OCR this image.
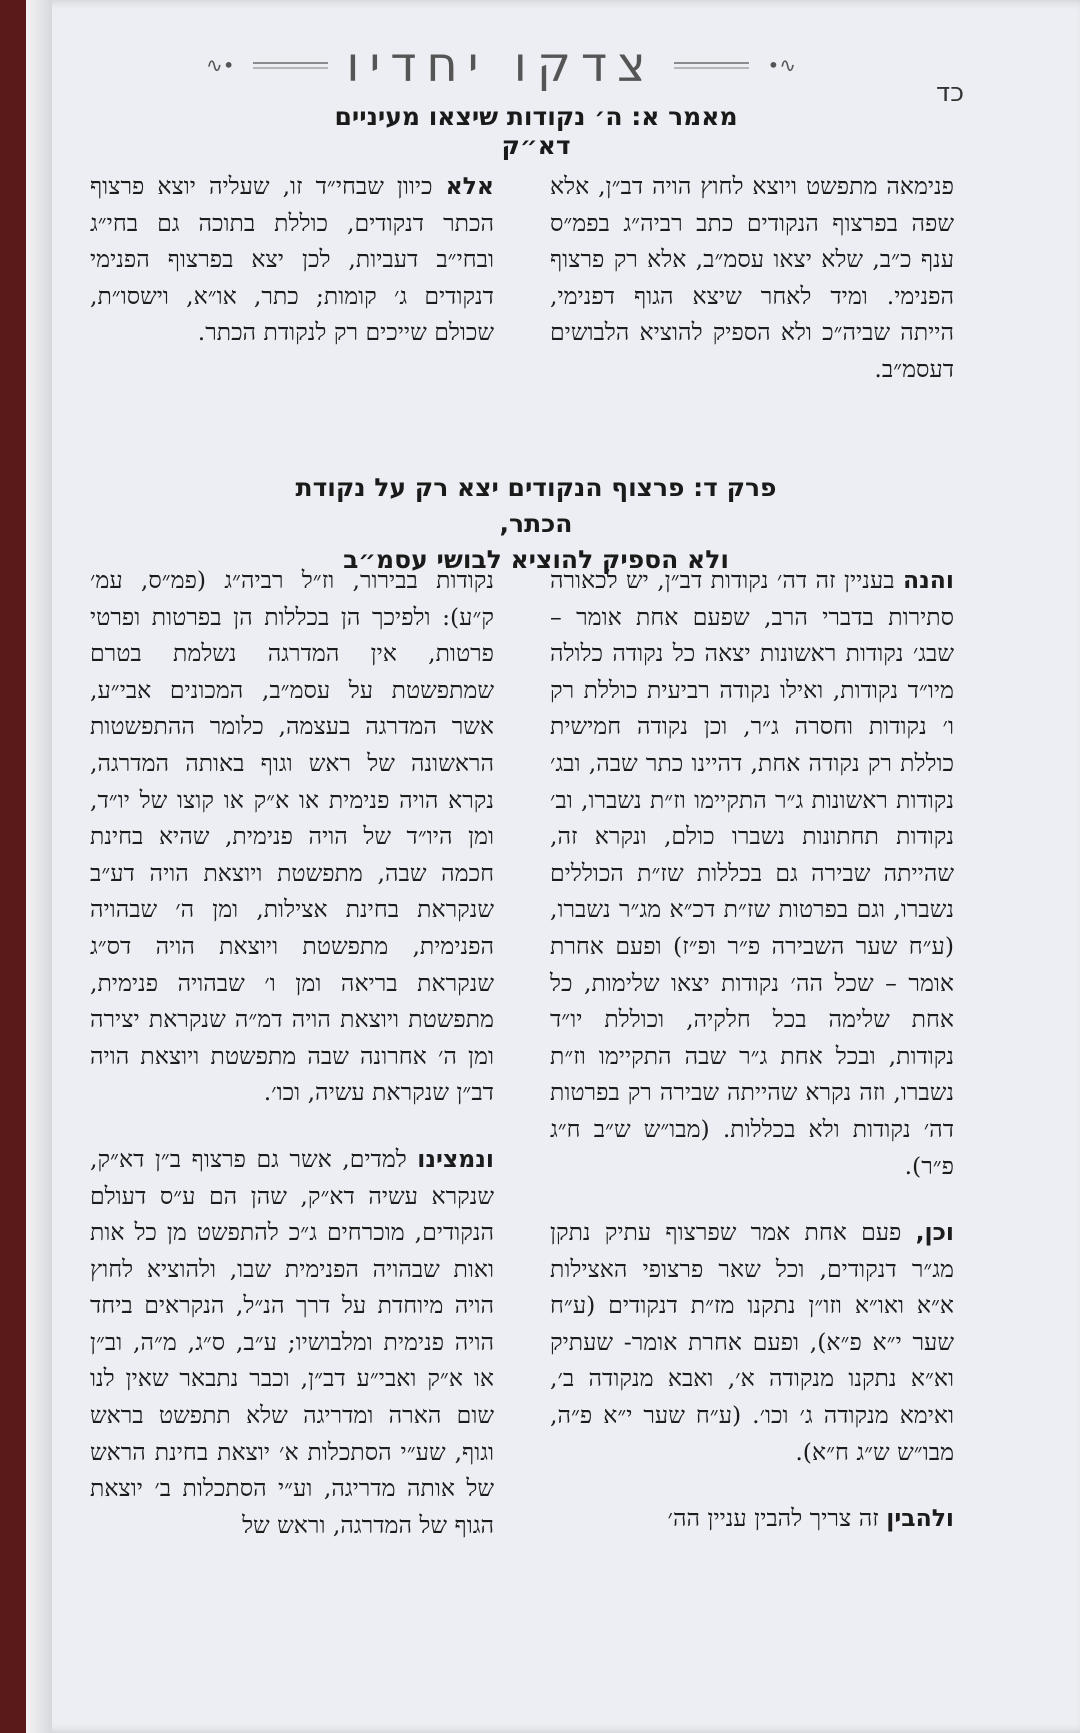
כד
∿• צדקו יחדיו	•∿
מאמר א: ה׳ נקודות שיצאו מעיניים דא״ק

פנימאה מתפשט ויוצא לחוץ הויה דב״ן, אלא שפה בפרצוף הנקודים כתב רביה״ג בפמ״ס ענף כ״ב, שלא יצאו עסמ״ב, אלא רק פרצוף הפנימי. ומיד לאחר שיצא הגוף דפנימי, הייתה שביה״כ ולא הספיק להוציא הלבושים דעסמ״ב.

אלא כיוון שבחי״ד זו, שעליה יוצא פרצוף הכתר דנקודים, כוללת בתוכה גם בחי״ג ובחי״ב דעביות, לכן יצא בפרצוף הפנימי דנקודים ג׳ קומות; כתר, או״א, וישסו״ת, שכולם שייכים רק לנקודת הכתר.

פרק ד: פרצוף הנקודים יצא רק על נקודת הכתר,
ולא הספיק להוציא לבושי עסמ״ב

והנה בעניין זה דה׳ נקודות דב״ן, יש לכאורה סתירות בדברי הרב, שפעם אחת אומר – שבג׳ נקודות ראשונות יצאה כל נקודה כלולה מיו״ד נקודות, ואילו נקודה רביעית כוללת רק ו׳ נקודות וחסרה ג״ר, וכן נקודה חמישית כוללת רק נקודה אחת, דהיינו כתר שבה, ובג׳ נקודות ראשונות ג״ר התקיימו וז״ת נשברו, וב׳ נקודות תחתונות נשברו כולם, ונקרא זה, שהייתה שבירה גם בכללות שז״ת הכוללים נשברו, וגם בפרטות שז״ת דכ״א מג״ר נשברו, (ע״ח שער השבירה פ״ר ופ״ז) ופעם אחרת אומר – שכל הה׳ נקודות יצאו שלימות, כל אחת שלימה בכל חלקיה, וכוללת יו״ד נקודות, ובכל אחת ג״ר שבה התקיימו וז״ת נשברו, וזה נקרא שהייתה שבירה רק בפרטות דה׳ נקודות ולא בכללות. (מבו״ש ש״ב ח״ג פ״ר).

וכן, פעם אחת אמר שפרצוף עתיק נתקן מג״ר דנקודים, וכל שאר פרצופי האצילות א״א ואו״א וזו״ן נתקנו מז״ת דנקודים (ע״ח שער י״א פ״א), ופעם אחרת אומר- שעתיק וא״א נתקנו מנקודה א׳, ואבא מנקודה ב׳, ואימא מנקודה ג׳ וכו׳. (ע״ח שער י״א פ״ה, מבו״ש ש״ג ח״א).

ולהבין זה צריך להבין עניין הה׳

נקודות בבירור, וז״ל רביה״ג (פמ״ס, עמ׳ ק״ע): ולפיכך הן בכללות הן בפרטות ופרטי פרטות, אין המדרגה נשלמת בטרם שמתפשטת על עסמ״ב, המכונים אבי״ע, אשר המדרגה בעצמה, כלומר ההתפשטות הראשונה של ראש וגוף באותה המדרגה, נקרא הויה פנימית או א״ק או קוצו של יו״ד, ומן היו״ד של הויה פנימית, שהיא בחינת חכמה שבה, מתפשטת ויוצאת הויה דע״ב שנקראת בחינת אצילות, ומן ה׳ שבהויה הפנימית, מתפשטת ויוצאת הויה דס״ג שנקראת בריאה ומן ו׳ שבהויה פנימית, מתפשטת ויוצאת הויה דמ״ה שנקראת יצירה ומן ה׳ אחרונה שבה מתפשטת ויוצאת הויה דב״ן שנקראת עשיה, וכו׳.

ונמצינו למדים, אשר גם פרצוף ב״ן דא״ק, שנקרא עשיה דא״ק, שהן הם ע״ס דעולם הנקודים, מוכרחים ג״כ להתפשט מן כל אות ואות שבהויה הפנימית שבו, ולהוציא לחוץ הויה מיוחדת על דרך הנ״ל, הנקראים ביחד הויה פנימית ומלבושיו; ע״ב, ס״ג, מ״ה, וב״ן או א״ק ואבי״ע דב״ן, וכבר נתבאר שאין לנו שום הארה ומדריגה שלא תתפשט בראש וגוף, שע״י הסתכלות א׳ יוצאת בחינת הראש של אותה מדריגה, וע״י הסתכלות ב׳ יוצאת הגוף של המדרגה, וראש של
